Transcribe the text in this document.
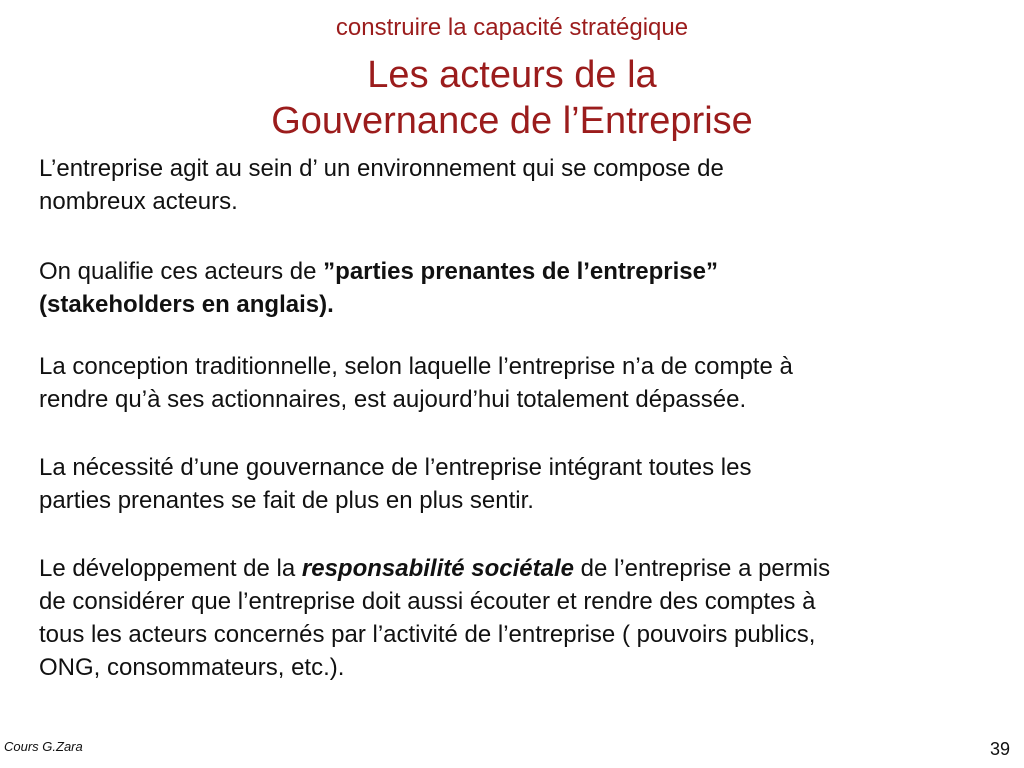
construire la capacité stratégique
Les acteurs de la
Gouvernance de l’Entreprise
L’entreprise agit au sein d’ un environnement qui se compose de
nombreux acteurs.
On qualifie ces acteurs de ”parties prenantes de l’entreprise”
(stakeholders en anglais).
La conception traditionnelle, selon laquelle l’entreprise n’a de compte à
rendre qu’à ses actionnaires, est aujourd’hui totalement dépassée.
La nécessité d’une gouvernance de l’entreprise intégrant toutes les
parties prenantes se fait de plus en plus sentir.
Le développement de la responsabilité sociétale de l’entreprise a permis
de considérer que l’entreprise doit aussi écouter et rendre des comptes à
tous les acteurs concernés par l’activité de l’entreprise ( pouvoirs publics,
ONG, consommateurs, etc.).
Cours G.Zara	39
